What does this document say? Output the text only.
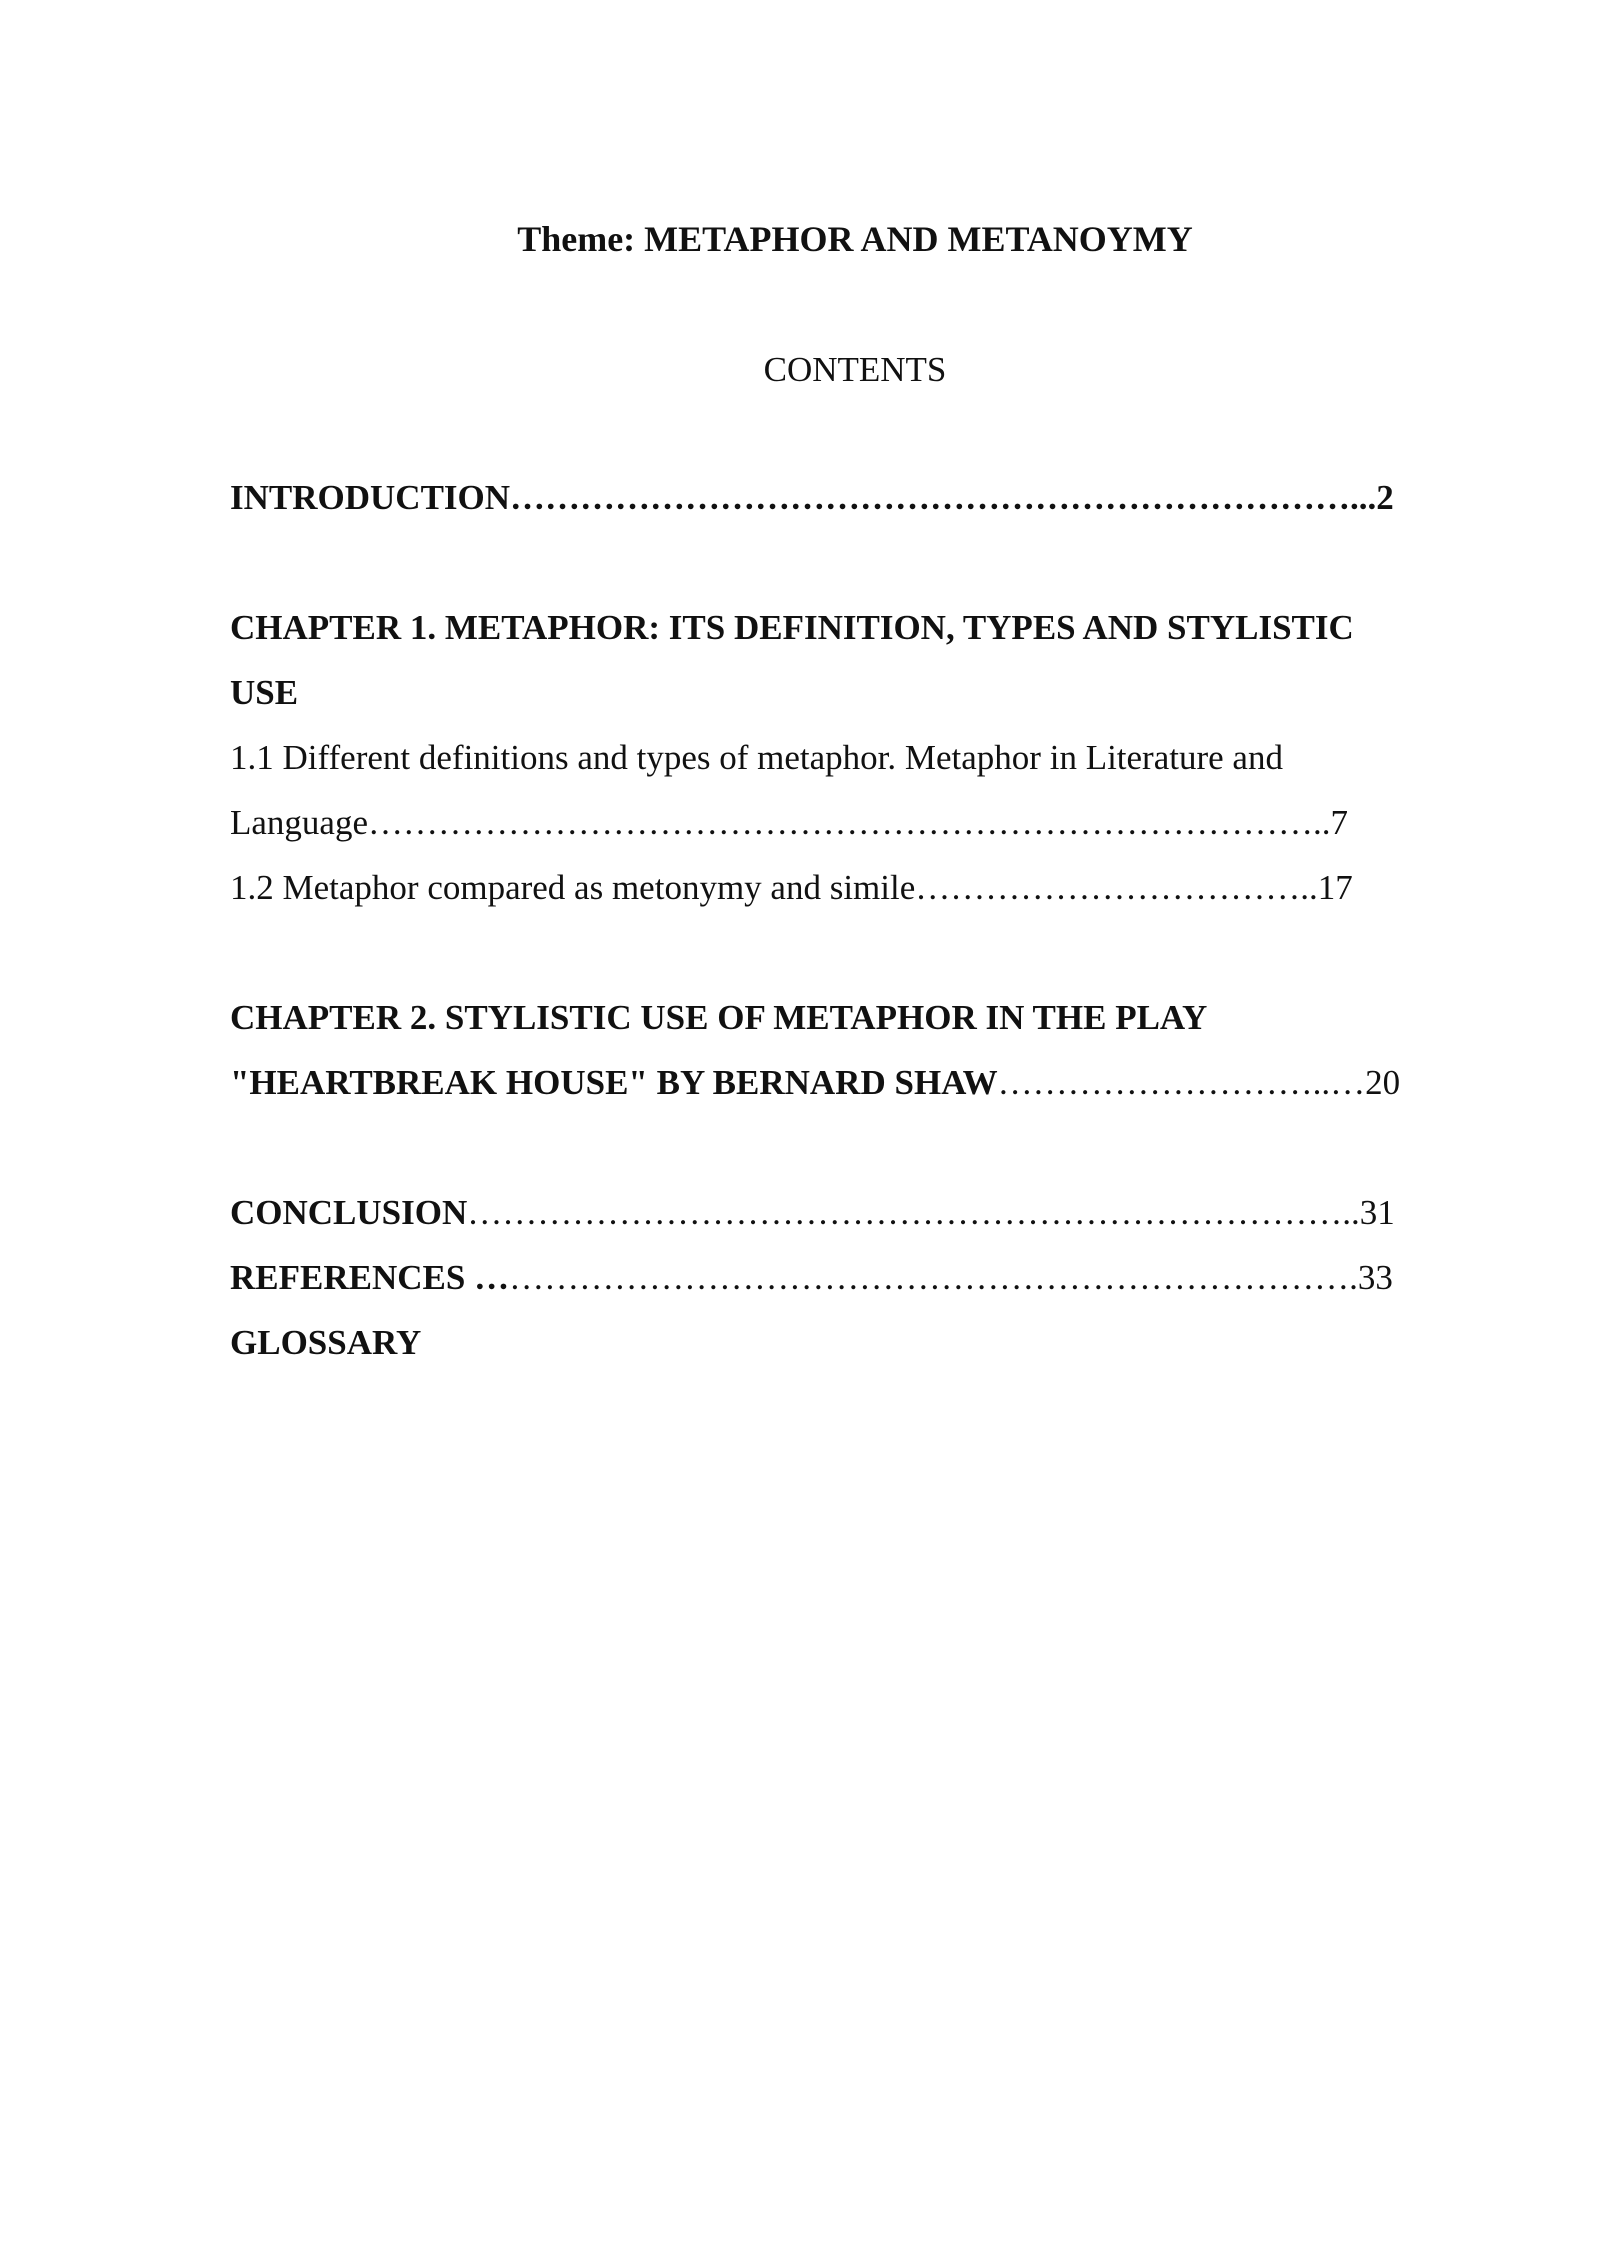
Theme: METAPHOR AND METANOYMY
CONTENTS
INTRODUCTION………………………………………………………………...2
CHAPTER 1. METAPHOR: ITS DEFINITION, TYPES AND STYLISTIC
USE
1.1 Different definitions and types of metaphor. Metaphor in Literature and
Language………………………………………………………………………..7
1.2 Metaphor compared as metonymy and simile……………………………..17
CHAPTER 2. STYLISTIC USE OF METAPHOR IN THE PLAY
"HEARTBREAK HOUSE" BY BERNARD SHAW………………………..…20
CONCLUSION…………………………………………………………………..31
REFERENCES ………………………………………………………………….33
GLOSSARY
